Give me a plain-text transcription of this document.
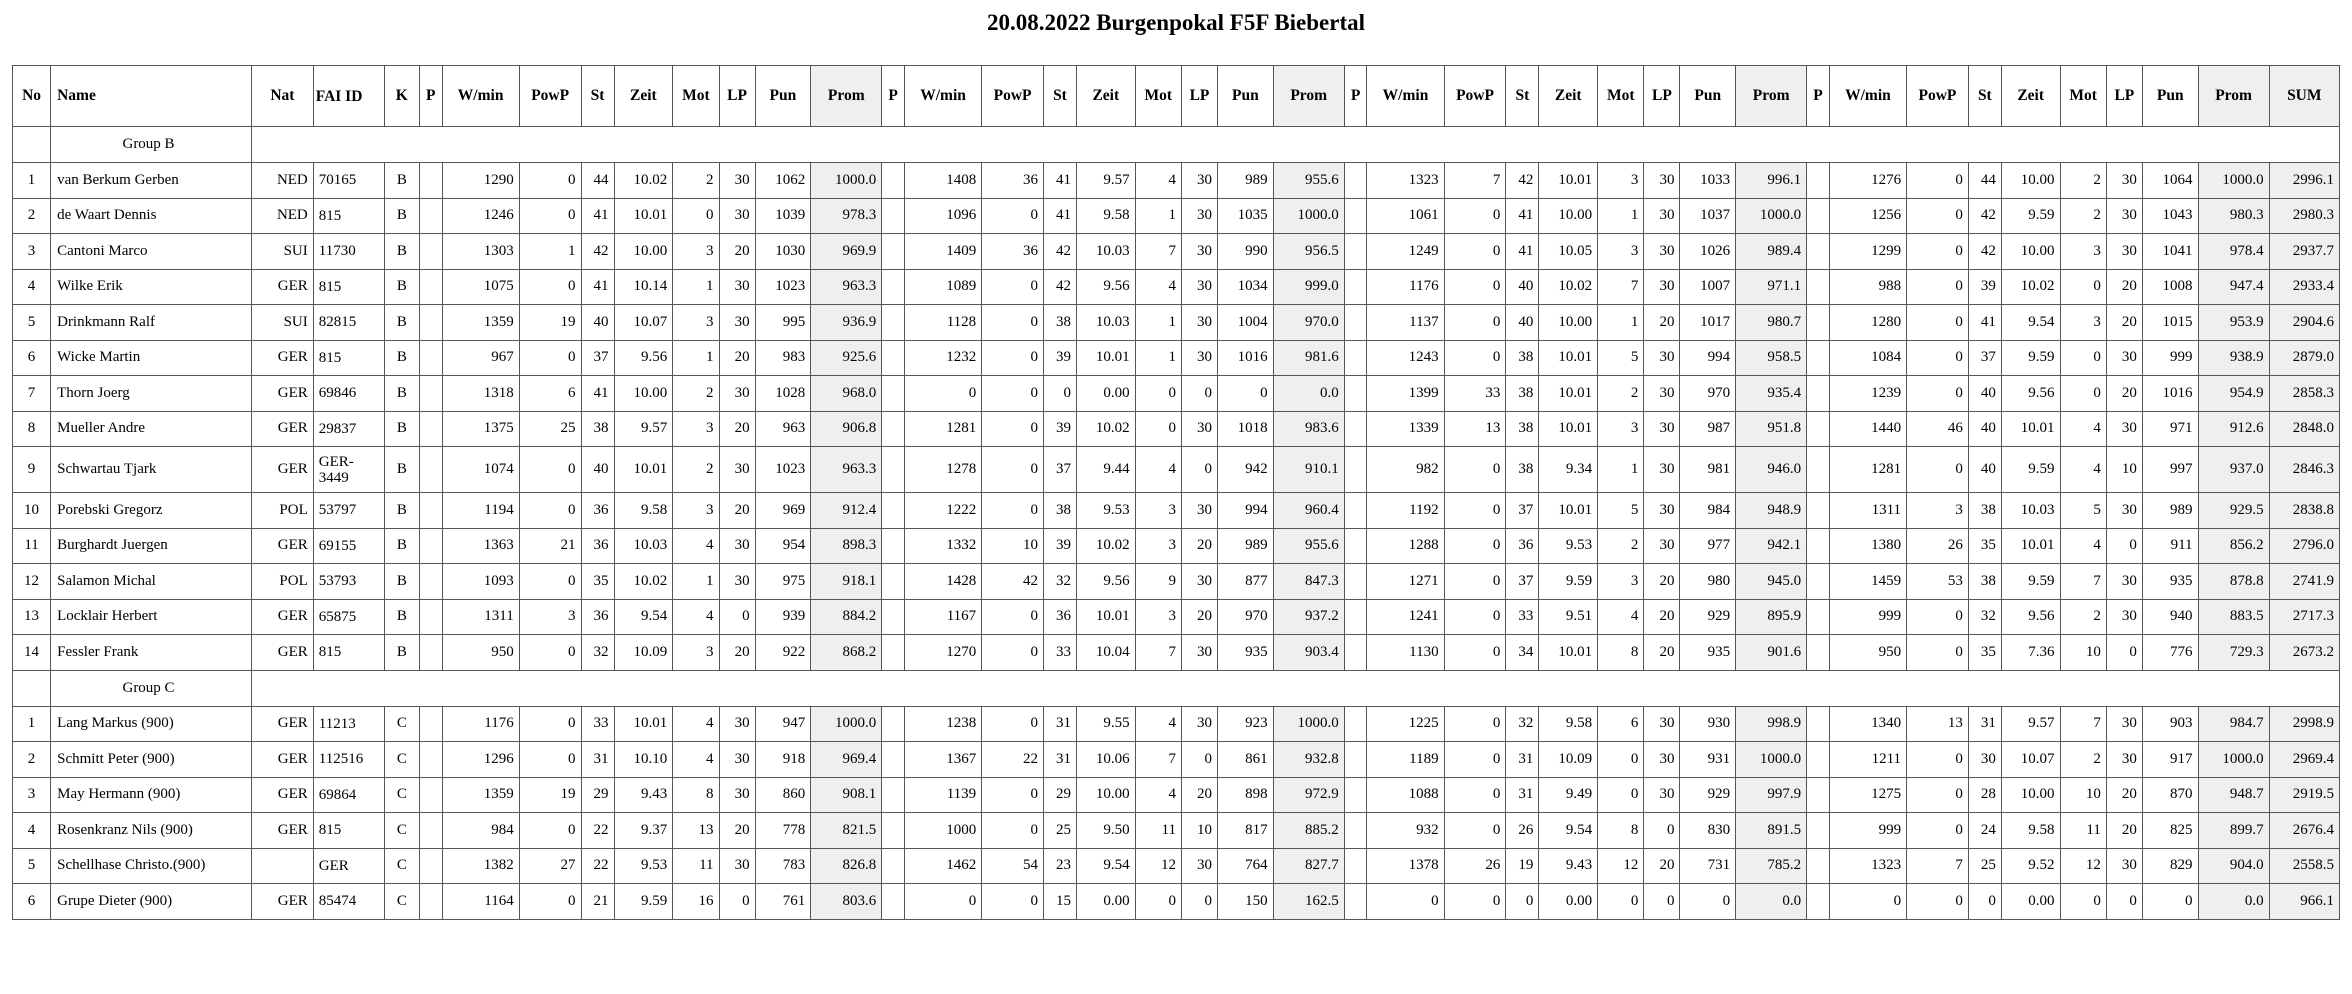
20.08.2022 Burgenpokal F5F Biebertal
No	Name	Nat	FAI ID	K	P	W/min	PowP	St	Zeit	Mot	LP	Pun	Prom	P	W/min	PowP	St	Zeit	Mot	LP	Pun	Prom	P	W/min	PowP	St	Zeit	Mot	LP	Pun	Prom	P	W/min	PowP	St	Zeit	Mot	LP	Pun	Prom	SUM
	Group B																																								
1	van Berkum Gerben	NED	70165	B		1290	0	44	10.02	2	30	1062	1000.0		1408	36	41	9.57	4	30	989	955.6		1323	7	42	10.01	3	30	1033	996.1		1276	0	44	10.00	2	30	1064	1000.0	2996.1
2	de Waart Dennis	NED	815	B		1246	0	41	10.01	0	30	1039	978.3		1096	0	41	9.58	1	30	1035	1000.0		1061	0	41	10.00	1	30	1037	1000.0		1256	0	42	9.59	2	30	1043	980.3	2980.3
3	Cantoni Marco	SUI	11730	B		1303	1	42	10.00	3	20	1030	969.9		1409	36	42	10.03	7	30	990	956.5		1249	0	41	10.05	3	30	1026	989.4		1299	0	42	10.00	3	30	1041	978.4	2937.7
4	Wilke Erik	GER	815	B		1075	0	41	10.14	1	30	1023	963.3		1089	0	42	9.56	4	30	1034	999.0		1176	0	40	10.02	7	30	1007	971.1		988	0	39	10.02	0	20	1008	947.4	2933.4
5	Drinkmann Ralf	SUI	82815	B		1359	19	40	10.07	3	30	995	936.9		1128	0	38	10.03	1	30	1004	970.0		1137	0	40	10.00	1	20	1017	980.7		1280	0	41	9.54	3	20	1015	953.9	2904.6
6	Wicke Martin	GER	815	B		967	0	37	9.56	1	20	983	925.6		1232	0	39	10.01	1	30	1016	981.6		1243	0	38	10.01	5	30	994	958.5		1084	0	37	9.59	0	30	999	938.9	2879.0
7	Thorn Joerg	GER	69846	B		1318	6	41	10.00	2	30	1028	968.0		0	0	0	0.00	0	0	0	0.0		1399	33	38	10.01	2	30	970	935.4		1239	0	40	9.56	0	20	1016	954.9	2858.3
8	Mueller Andre	GER	29837	B		1375	25	38	9.57	3	20	963	906.8		1281	0	39	10.02	0	30	1018	983.6		1339	13	38	10.01	3	30	987	951.8		1440	46	40	10.01	4	30	971	912.6	2848.0
9	Schwartau Tjark	GER	GER-3449	B		1074	0	40	10.01	2	30	1023	963.3		1278	0	37	9.44	4	0	942	910.1		982	0	38	9.34	1	30	981	946.0		1281	0	40	9.59	4	10	997	937.0	2846.3
10	Porebski Gregorz	POL	53797	B		1194	0	36	9.58	3	20	969	912.4		1222	0	38	9.53	3	30	994	960.4		1192	0	37	10.01	5	30	984	948.9		1311	3	38	10.03	5	30	989	929.5	2838.8
11	Burghardt Juergen	GER	69155	B		1363	21	36	10.03	4	30	954	898.3		1332	10	39	10.02	3	20	989	955.6		1288	0	36	9.53	2	30	977	942.1		1380	26	35	10.01	4	0	911	856.2	2796.0
12	Salamon Michal	POL	53793	B		1093	0	35	10.02	1	30	975	918.1		1428	42	32	9.56	9	30	877	847.3		1271	0	37	9.59	3	20	980	945.0		1459	53	38	9.59	7	30	935	878.8	2741.9
13	Locklair Herbert	GER	65875	B		1311	3	36	9.54	4	0	939	884.2		1167	0	36	10.01	3	20	970	937.2		1241	0	33	9.51	4	20	929	895.9		999	0	32	9.56	2	30	940	883.5	2717.3
14	Fessler Frank	GER	815	B		950	0	32	10.09	3	20	922	868.2		1270	0	33	10.04	7	30	935	903.4		1130	0	34	10.01	8	20	935	901.6		950	0	35	7.36	10	0	776	729.3	2673.2
	Group C																																								
1	Lang Markus (900)	GER	11213	C		1176	0	33	10.01	4	30	947	1000.0		1238	0	31	9.55	4	30	923	1000.0		1225	0	32	9.58	6	30	930	998.9		1340	13	31	9.57	7	30	903	984.7	2998.9
2	Schmitt Peter (900)	GER	112516	C		1296	0	31	10.10	4	30	918	969.4		1367	22	31	10.06	7	0	861	932.8		1189	0	31	10.09	0	30	931	1000.0		1211	0	30	10.07	2	30	917	1000.0	2969.4
3	May Hermann (900)	GER	69864	C		1359	19	29	9.43	8	30	860	908.1		1139	0	29	10.00	4	20	898	972.9		1088	0	31	9.49	0	30	929	997.9		1275	0	28	10.00	10	20	870	948.7	2919.5
4	Rosenkranz Nils (900)	GER	815	C		984	0	22	9.37	13	20	778	821.5		1000	0	25	9.50	11	10	817	885.2		932	0	26	9.54	8	0	830	891.5		999	0	24	9.58	11	20	825	899.7	2676.4
5	Schellhase Christo.(900)		GER	C		1382	27	22	9.53	11	30	783	826.8		1462	54	23	9.54	12	30	764	827.7		1378	26	19	9.43	12	20	731	785.2		1323	7	25	9.52	12	30	829	904.0	2558.5
6	Grupe Dieter (900)	GER	85474	C		1164	0	21	9.59	16	0	761	803.6		0	0	15	0.00	0	0	150	162.5		0	0	0	0.00	0	0	0	0.0		0	0	0	0.00	0	0	0	0.0	966.1
